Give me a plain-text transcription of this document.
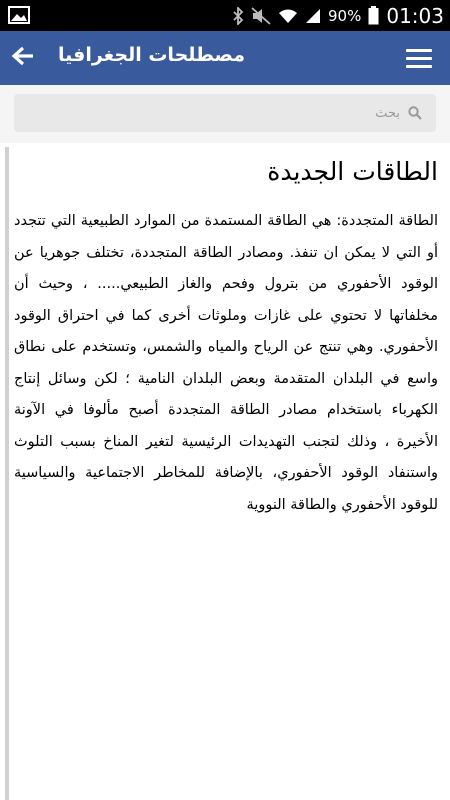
90% 01:03
مصطلحات الجغرافيا
بحث
الطاقات الجديدة

الطاقة المتجددة: هي الطاقة المستمدة من الموارد الطبيعية التي تتجدد أو التي لا يمكن ان تنفذ. ومصادر الطاقة المتجددة، تختلف جوهريا عن الوقود الأحفوري من بترول وفحم والغاز الطبيعي..... ، وحيث أن مخلفاتها لا تحتوي على غازات وملوثات أخرى كما في احتراق الوقود الأحفوري. وهي تنتج عن الرياح والمياه والشمس، وتستخدم على نطاق واسع في البلدان المتقدمة وبعض البلدان النامية ؛ لكن وسائل إنتاج الكهرباء باستخدام مصادر الطاقة المتجددة أصبح مألوفا في الآونة الأخيرة ، وذلك لتجنب التهديدات الرئيسية لتغير المناخ بسبب التلوث واستنفاد الوقود الأحفوري، بالإضافة للمخاطر الاجتماعية والسياسية للوقود الأحفوري والطاقة النووية
